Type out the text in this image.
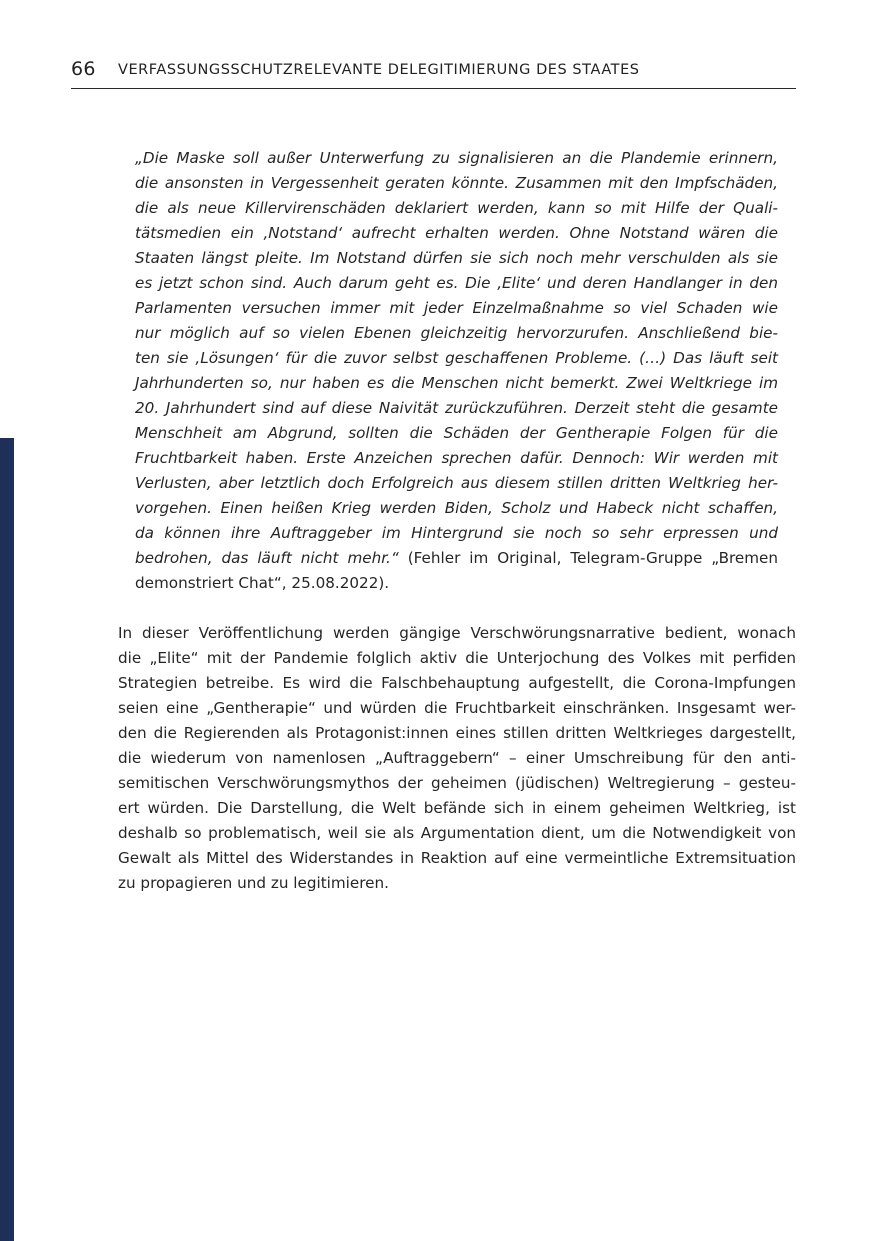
66 VERFASSUNGSSCHUTZRELEVANTE DELEGITIMIERUNG DES STAATES
„Die Maske soll außer Unterwerfung zu signalisieren an die Plandemie erinnern,
die ansonsten in Vergessenheit geraten könnte. Zusammen mit den Impfschäden,
die als neue Killervirenschäden deklariert werden, kann so mit Hilfe der Quali-
tätsmedien ein ‚Notstand‘ aufrecht erhalten werden. Ohne Notstand wären die
Staaten längst pleite. Im Notstand dürfen sie sich noch mehr verschulden als sie
es jetzt schon sind. Auch darum geht es. Die ‚Elite‘ und deren Handlanger in den
Parlamenten versuchen immer mit jeder Einzelmaßnahme so viel Schaden wie
nur möglich auf so vielen Ebenen gleichzeitig hervorzurufen. Anschließend bie-
ten sie ‚Lösungen‘ für die zuvor selbst geschaffenen Probleme. (…) Das läuft seit
Jahrhunderten so, nur haben es die Menschen nicht bemerkt. Zwei Weltkriege im
20. Jahrhundert sind auf diese Naivität zurückzuführen. Derzeit steht die gesamte
Menschheit am Abgrund, sollten die Schäden der Gentherapie Folgen für die
Fruchtbarkeit haben. Erste Anzeichen sprechen dafür. Dennoch: Wir werden mit
Verlusten, aber letztlich doch Erfolgreich aus diesem stillen dritten Weltkrieg her-
vorgehen. Einen heißen Krieg werden Biden, Scholz und Habeck nicht schaffen,
da können ihre Auftraggeber im Hintergrund sie noch so sehr erpressen und
bedrohen, das läuft nicht mehr.“ (Fehler im Original, Telegram-Gruppe „Bremen
demonstriert Chat“, 25.08.2022).
In dieser Veröffentlichung werden gängige Verschwörungsnarrative bedient, wonach
die „Elite“ mit der Pandemie folglich aktiv die Unterjochung des Volkes mit perfiden
Strategien betreibe. Es wird die Falschbehauptung aufgestellt, die Corona-Impfungen
seien eine „Gentherapie“ und würden die Fruchtbarkeit einschränken. Insgesamt wer-
den die Regierenden als Protagonist:innen eines stillen dritten Weltkrieges dargestellt,
die wiederum von namenlosen „Auftraggebern“ – einer Umschreibung für den anti-
semitischen Verschwörungsmythos der geheimen (jüdischen) Weltregierung – gesteu-
ert würden. Die Darstellung, die Welt befände sich in einem geheimen Weltkrieg, ist
deshalb so problematisch, weil sie als Argumentation dient, um die Notwendigkeit von
Gewalt als Mittel des Widerstandes in Reaktion auf eine vermeintliche Extremsituation
zu propagieren und zu legitimieren.
